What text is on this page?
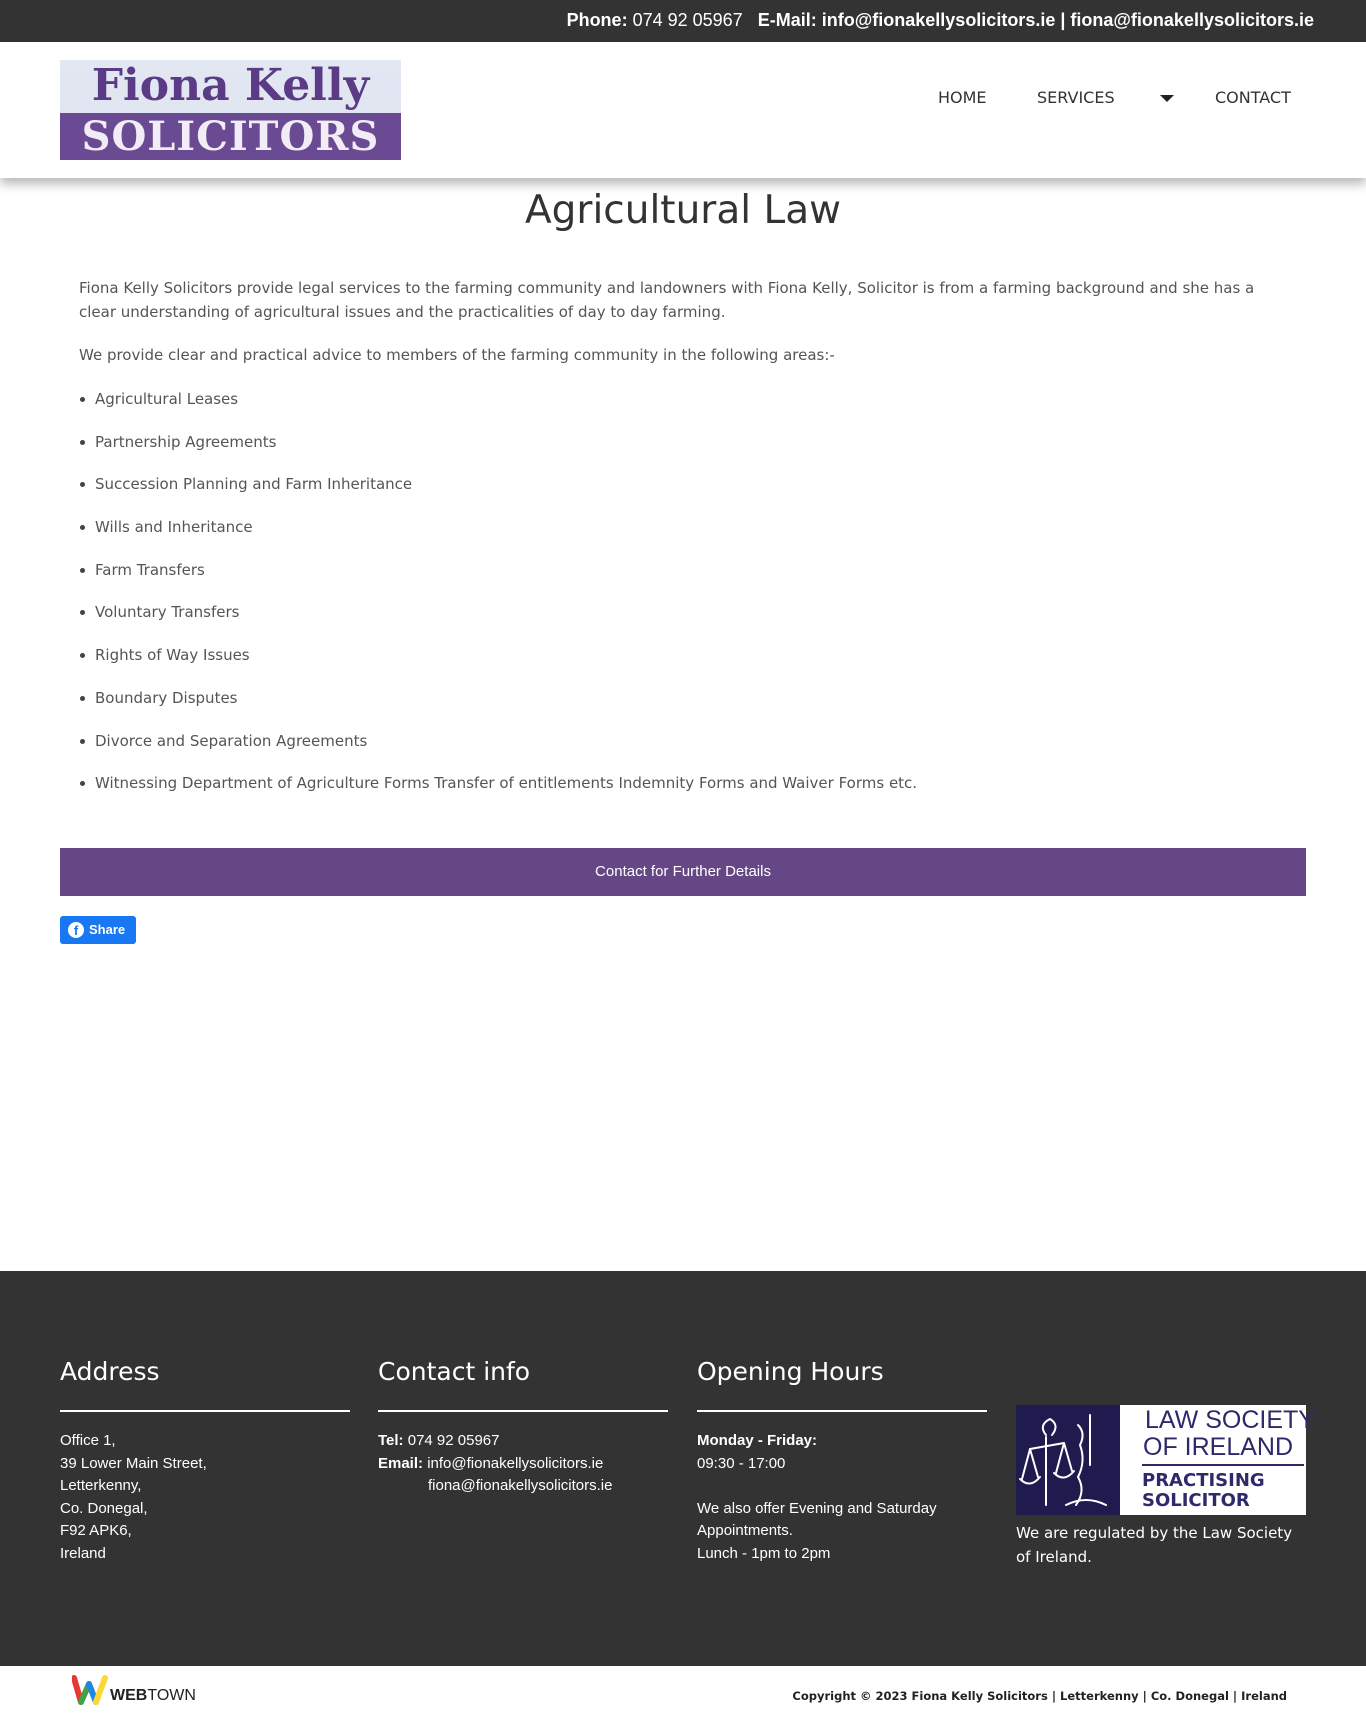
Phone: 074 92 05967 E-Mail: info@fionakellysolicitors.ie | fiona@fionakellysolicitors.ie
Fiona Kelly
SOLICITORS
HOME	SERVICES	CONTACT
Agricultural Law

Fiona Kelly Solicitors provide legal services to the farming community and landowners with Fiona Kelly, Solicitor is from a farming background and she has a clear understanding of agricultural issues and the practicalities of day to day farming.

We provide clear and practical advice to members of the farming community in the following areas:-

Agricultural Leases
Partnership Agreements
Succession Planning and Farm Inheritance
Wills and Inheritance
Farm Transfers
Voluntary Transfers
Rights of Way Issues
Boundary Disputes
Divorce and Separation Agreements
Witnessing Department of Agriculture Forms Transfer of entitlements Indemnity Forms and Waiver Forms etc.
Contact for Further Details
f Share
Address
Office 1,
39 Lower Main Street,
Letterkenny,
Co. Donegal,
F92 APK6,
Ireland
Contact info
Tel: 074 92 05967
Email: info@fionakellysolicitors.ie
fiona@fionakellysolicitors.ie
Opening Hours
Monday - Friday:
09:30 - 17:00

We also offer Evening and Saturday
Appointments.
Lunch - 1pm to 2pm
LAW SOCIETY
OF IRELAND
PRACTISING
SOLICITOR
We are regulated by the Law Society of Ireland.
WEBTOWN	Copyright © 2023 Fiona Kelly Solicitors | Letterkenny | Co. Donegal | Ireland
